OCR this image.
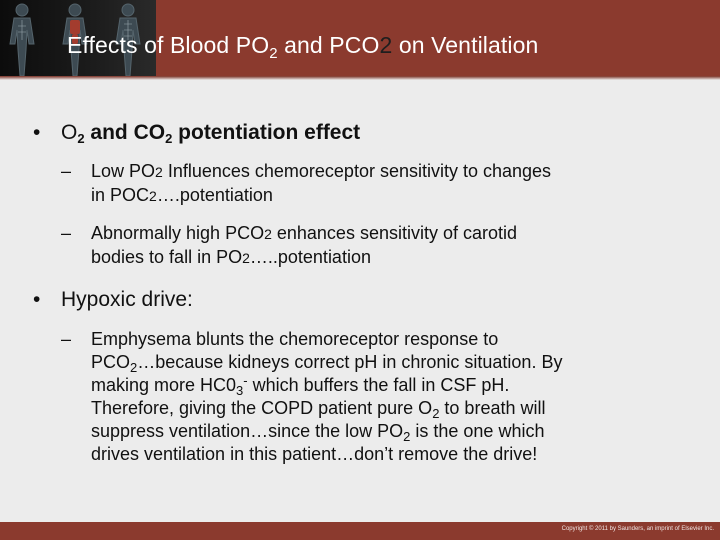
Effects of Blood $PO_2$ and PCO2 on Ventilation
• $O_2$ and $CO_2$ potentiation effect
– Low PO2 Influences chemoreceptor sensitivity to changes
in POC2….potentiation
– Abnormally high PCO2 enhances sensitivity of carotid
bodies to fall in PO2…..potentiation
• Hypoxic drive:
– Emphysema blunts the chemoreceptor response to
$PCO_2\dots because$ kidneys correct pH in chronic situation. By
making more $HC0_3^-$ which buffers the fall in CSF pH.
Therefore, giving the COPD patient pure $O_2$ to breath will
suppress ventilation…since the low $PO_2$ is the one which
drives ventilation in this patient…don’t remove the drive!
Copyright © 2011 by Saunders, an imprint of Elsevier Inc.
